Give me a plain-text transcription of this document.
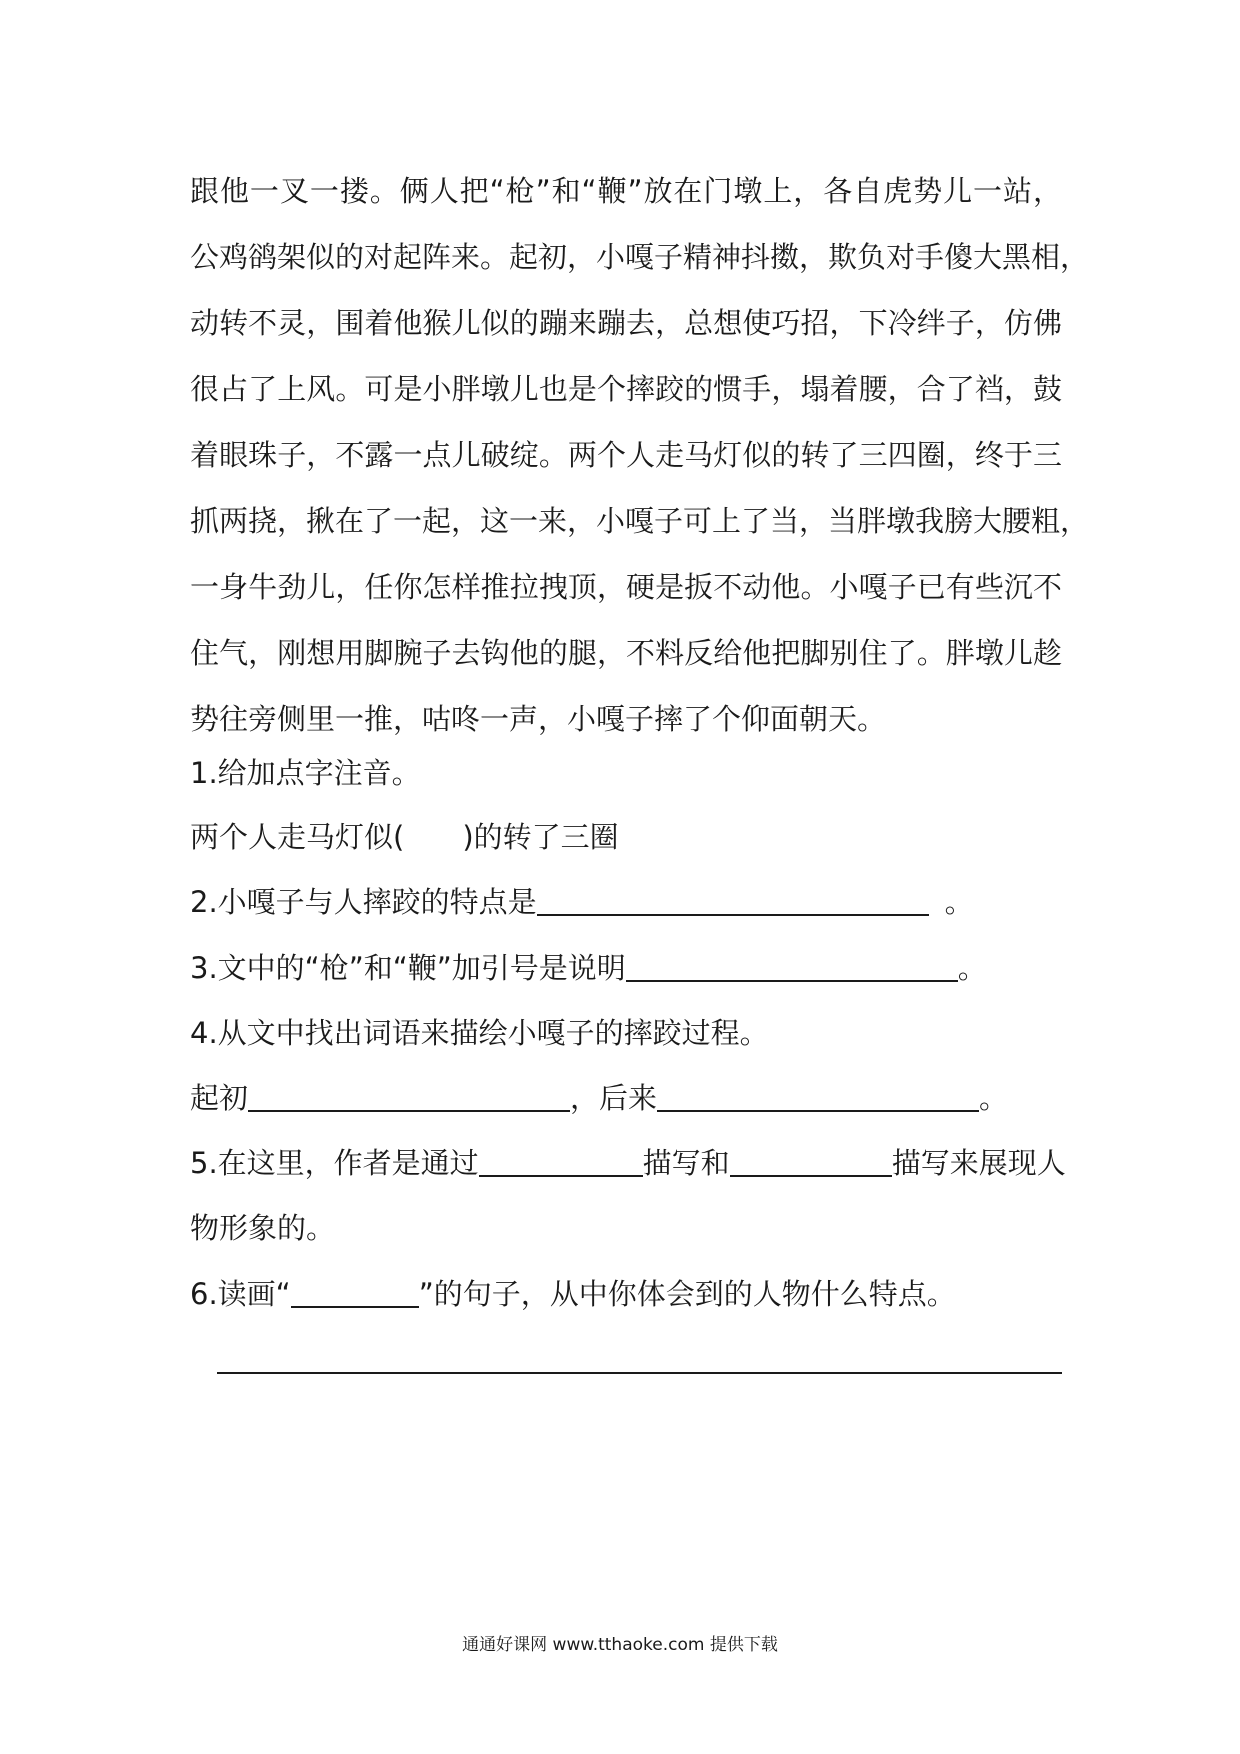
跟他一叉一搂。俩人把“枪”和“鞭”放在门墩上，各自虎势儿一站，
公鸡鹆架似的对起阵来。起初，小嘎子精神抖擞，欺负对手傻大黑相，
动转不灵，围着他猴儿似的蹦来蹦去，总想使巧招，下冷绊子，仿佛
很占了上风。可是小胖墩儿也是个摔跤的惯手，塌着腰，合了裆，鼓
着眼珠子，不露一点儿破绽。两个人走马灯似的转了三四圈，终于三
抓两挠，揪在了一起，这一来，小嘎子可上了当，当胖墩我膀大腰粗，
一身牛劲儿，任你怎样推拉拽顶，硬是扳不动他。小嘎子已有些沉不
住气，刚想用脚腕子去钩他的腿，不料反给他把脚别住了。胖墩儿趁
势往旁侧里一推，咕咚一声，小嘎子摔了个仰面朝天。
1.给加点字注音。
两个人走马灯似( )的转了三圈
2.小嘎子与人摔跤的特点是	。
3.文中的“枪”和“鞭”加引号是说明	。
4.从文中找出词语来描绘小嘎子的摔跤过程。
起初	，后来	。
5.在这里，作者是通过	描写和	描写来展现人
物形象的。
6.读画“	”的句子，从中你体会到的人物什么特点。
通通好课网 www.tthaoke.com 提供下载
